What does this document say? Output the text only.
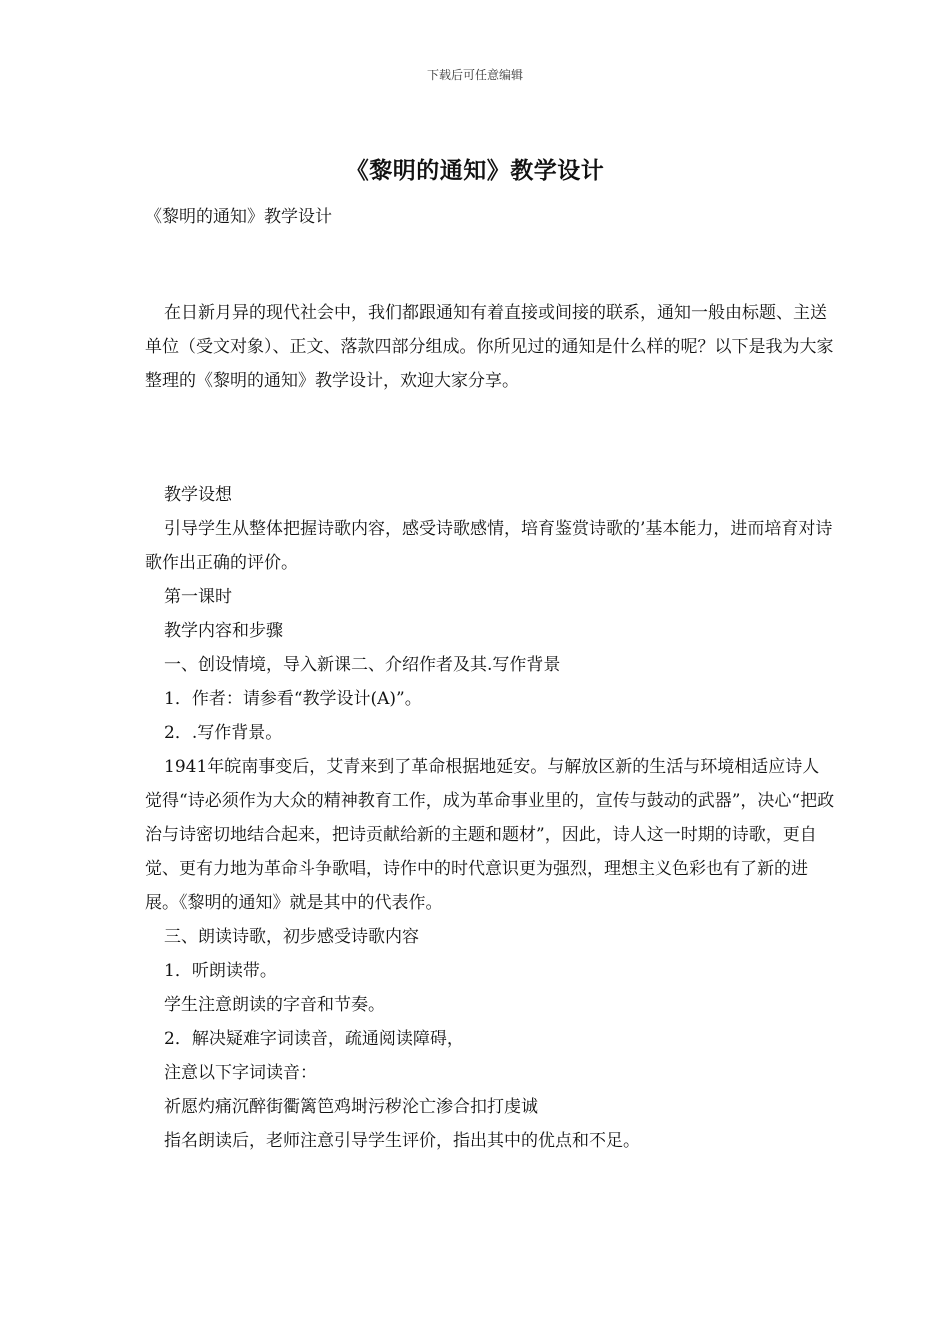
下载后可任意编辑
《黎明的通知》教学设计
《黎明的通知》教学设计

在日新月异的现代社会中，我们都跟通知有着直接或间接的联系，通知一般由标题、主送单位（受文对象）、正文、落款四部分组成。你所见过的通知是什么样的呢？以下是我为大家整理的《黎明的通知》教学设计，欢迎大家分享。

教学设想

引导学生从整体把握诗歌内容，感受诗歌感情，培育鉴赏诗歌的’基本能力，进而培育对诗歌作出正确的评价。

第一课时

教学内容和步骤

一、创设情境，导入新课二、介绍作者及其.写作背景

1．作者：请参看“教学设计(A)”。

2．.写作背景。

1941年皖南事变后，艾青来到了革命根据地延安。与解放区新的生活与环境相适应诗人觉得“诗必须作为大众的精神教育工作，成为革命事业里的，宣传与鼓动的武器”，决心“把政治与诗密切地结合起来，把诗贡献给新的主题和题材”，因此，诗人这一时期的诗歌，更自觉、更有力地为革命斗争歌唱，诗作中的时代意识更为强烈，理想主义色彩也有了新的进展。《黎明的通知》就是其中的代表作。

三、朗读诗歌，初步感受诗歌内容

1．听朗读带。

学生注意朗读的字音和节奏。

2．解决疑难字词读音，疏通阅读障碍，

注意以下字词读音：

祈愿灼痛沉醉街衢篱笆鸡埘污秽沦亡渗合扣打虔诚

指名朗读后，老师注意引导学生评价，指出其中的优点和不足。
